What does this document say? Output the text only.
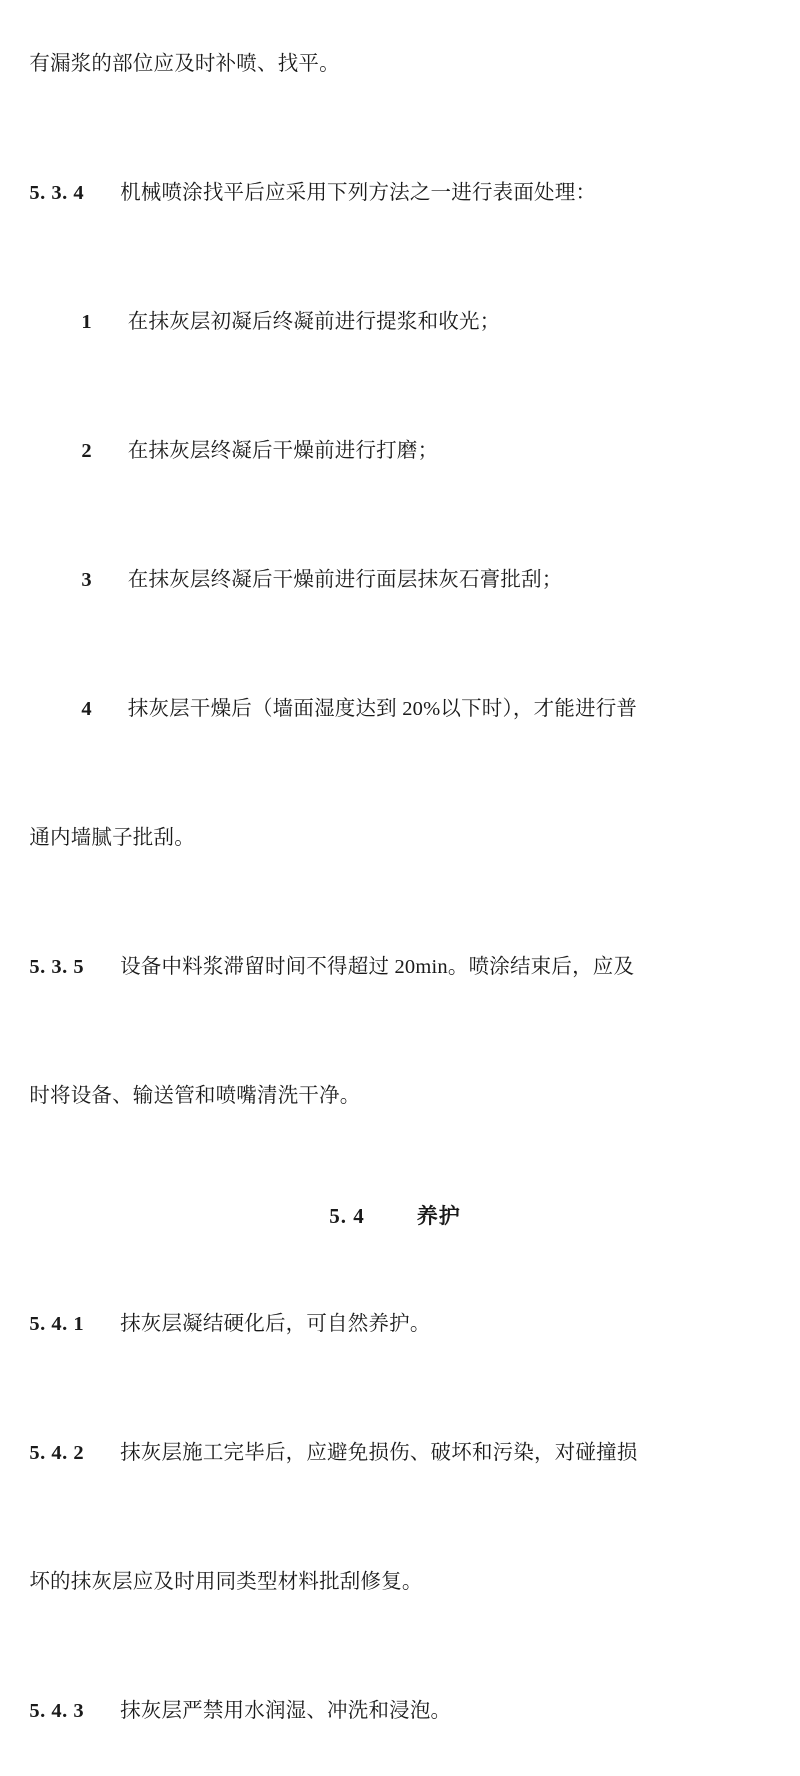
有漏浆的部位应及时补喷、找平。

5. 3. 4 机械喷涂找平后应采用下列方法之一进行表面处理：

1 在抹灰层初凝后终凝前进行提浆和收光；

2 在抹灰层终凝后干燥前进行打磨；

3 在抹灰层终凝后干燥前进行面层抹灰石膏批刮；

4 抹灰层干燥后（墙面湿度达到 20%以下时），才能进行普

通内墙腻子批刮。

5. 3. 5 设备中料浆滞留时间不得超过 20min。喷涂结束后，应及

时将设备、输送管和喷嘴清洗干净。

5. 4 养护

5. 4. 1 抹灰层凝结硬化后，可自然养护。

5. 4. 2 抹灰层施工完毕后，应避免损伤、破坏和污染，对碰撞损

坏的抹灰层应及时用同类型材料批刮修复。

5. 4. 3 抹灰层严禁用水润湿、冲洗和浸泡。
